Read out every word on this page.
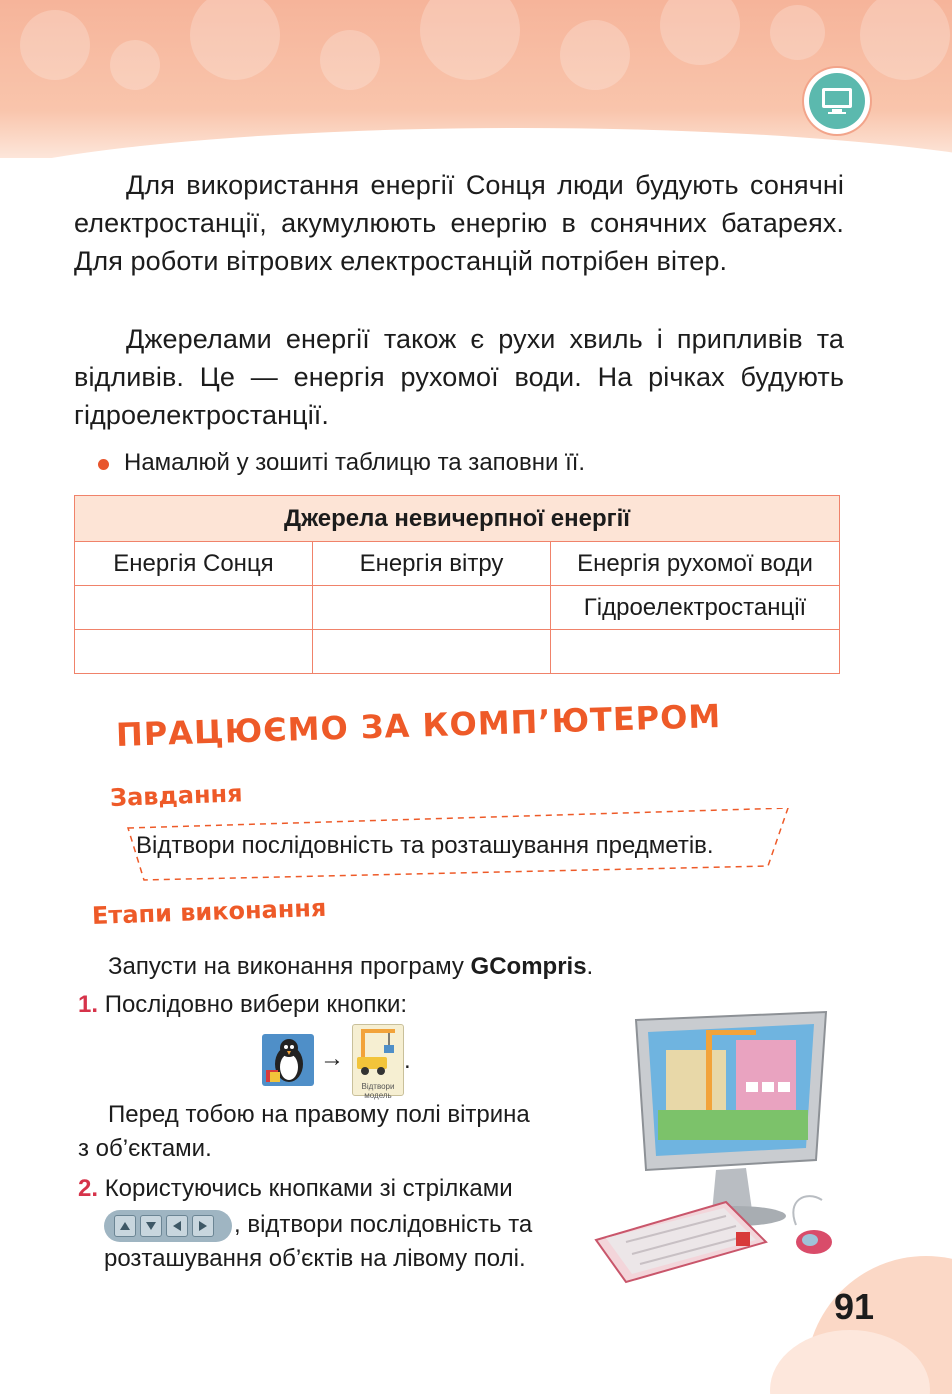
Для використання енергії Сонця люди будують сонячні електростанції, акумулюють енергію в сонячних батареях. Для роботи вітрових електростанцій потрібен вітер.

Джерелами енергії також є рухи хвиль і припливів та відливів. Це — енергія рухомої води. На річках будують гідроелектростанції.

Намалюй у зошиті таблицю та заповни її.

Джерела невичерпної енергії		
Енергія Сонця	Енергія вітру	Енергія рухомої води
		Гідроелектростанції

ПРАЦЮЄМО ЗА КОМП’ЮТЕРОМ
Завдання

Відтвори послідовність та розташування предметів.

Етапи виконання

Запусти на виконання програму GCompris.

1. Послідовно вибери кнопки:

→
Відтвори модель
.

Перед тобою на правому полі вітрина

з об’єктами.

2. Користуючись кнопками зі стрілками

, відтвори послідовність та

розташування об’єктів на лівому полі.

91
